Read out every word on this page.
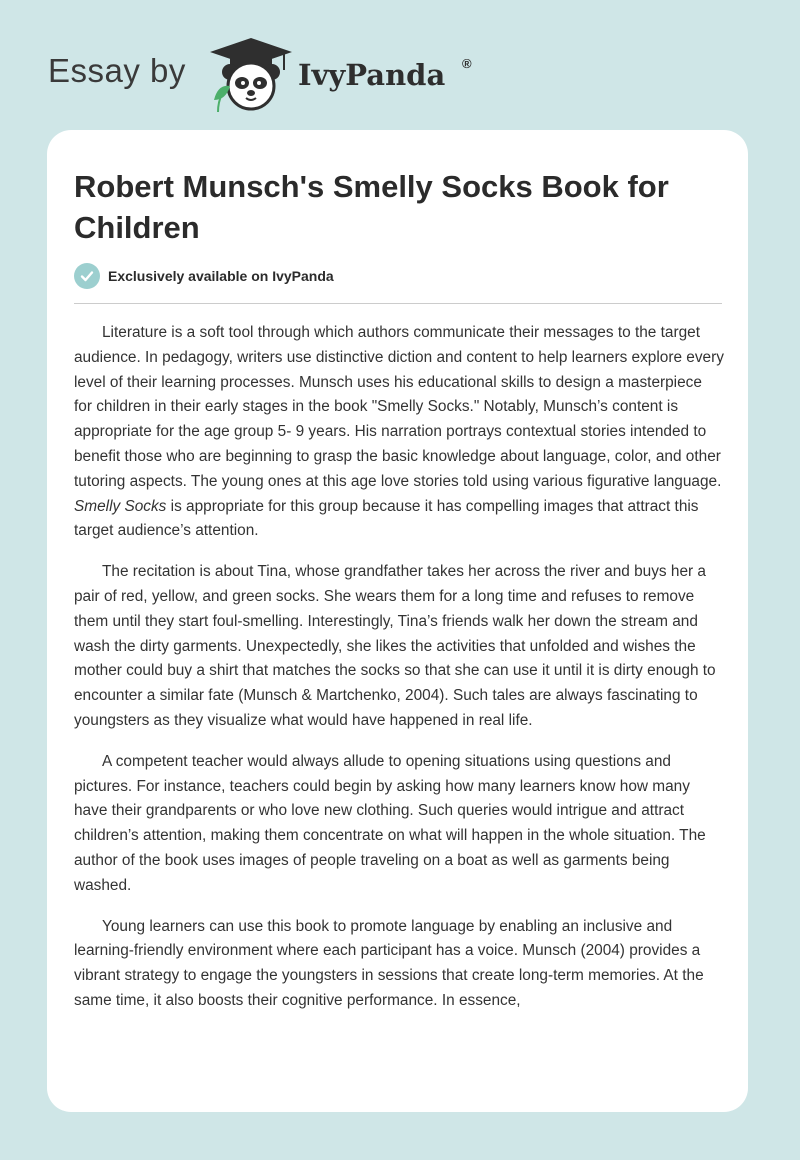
Essay by	IvyPanda ®
Robert Munsch's Smelly Socks Book for Children
Exclusively available on IvyPanda

Literature is a soft tool through which authors communicate their messages to the target audience. In pedagogy, writers use distinctive diction and content to help learners explore every level of their learning processes. Munsch uses his educational skills to design a masterpiece for children in their early stages in the book "Smelly Socks." Notably, Munsch’s content is appropriate for the age group 5- 9 years. His narration portrays contextual stories intended to benefit those who are beginning to grasp the basic knowledge about language, color, and other tutoring aspects. The young ones at this age love stories told using various figurative language. Smelly Socks is appropriate for this group because it has compelling images that attract this target audience’s attention.

The recitation is about Tina, whose grandfather takes her across the river and buys her a pair of red, yellow, and green socks. She wears them for a long time and refuses to remove them until they start foul-smelling. Interestingly, Tina’s friends walk her down the stream and wash the dirty garments. Unexpectedly, she likes the activities that unfolded and wishes the mother could buy a shirt that matches the socks so that she can use it until it is dirty enough to encounter a similar fate (Munsch & Martchenko, 2004). Such tales are always fascinating to youngsters as they visualize what would have happened in real life.

A competent teacher would always allude to opening situations using questions and pictures. For instance, teachers could begin by asking how many learners know how many have their grandparents or who love new clothing. Such queries would intrigue and attract children’s attention, making them concentrate on what will happen in the whole situation. The author of the book uses images of people traveling on a boat as well as garments being washed.

Young learners can use this book to promote language by enabling an inclusive and learning-friendly environment where each participant has a voice. Munsch (2004) provides a vibrant strategy to engage the youngsters in sessions that create long-term memories. At the same time, it also boosts their cognitive performance. In essence,
